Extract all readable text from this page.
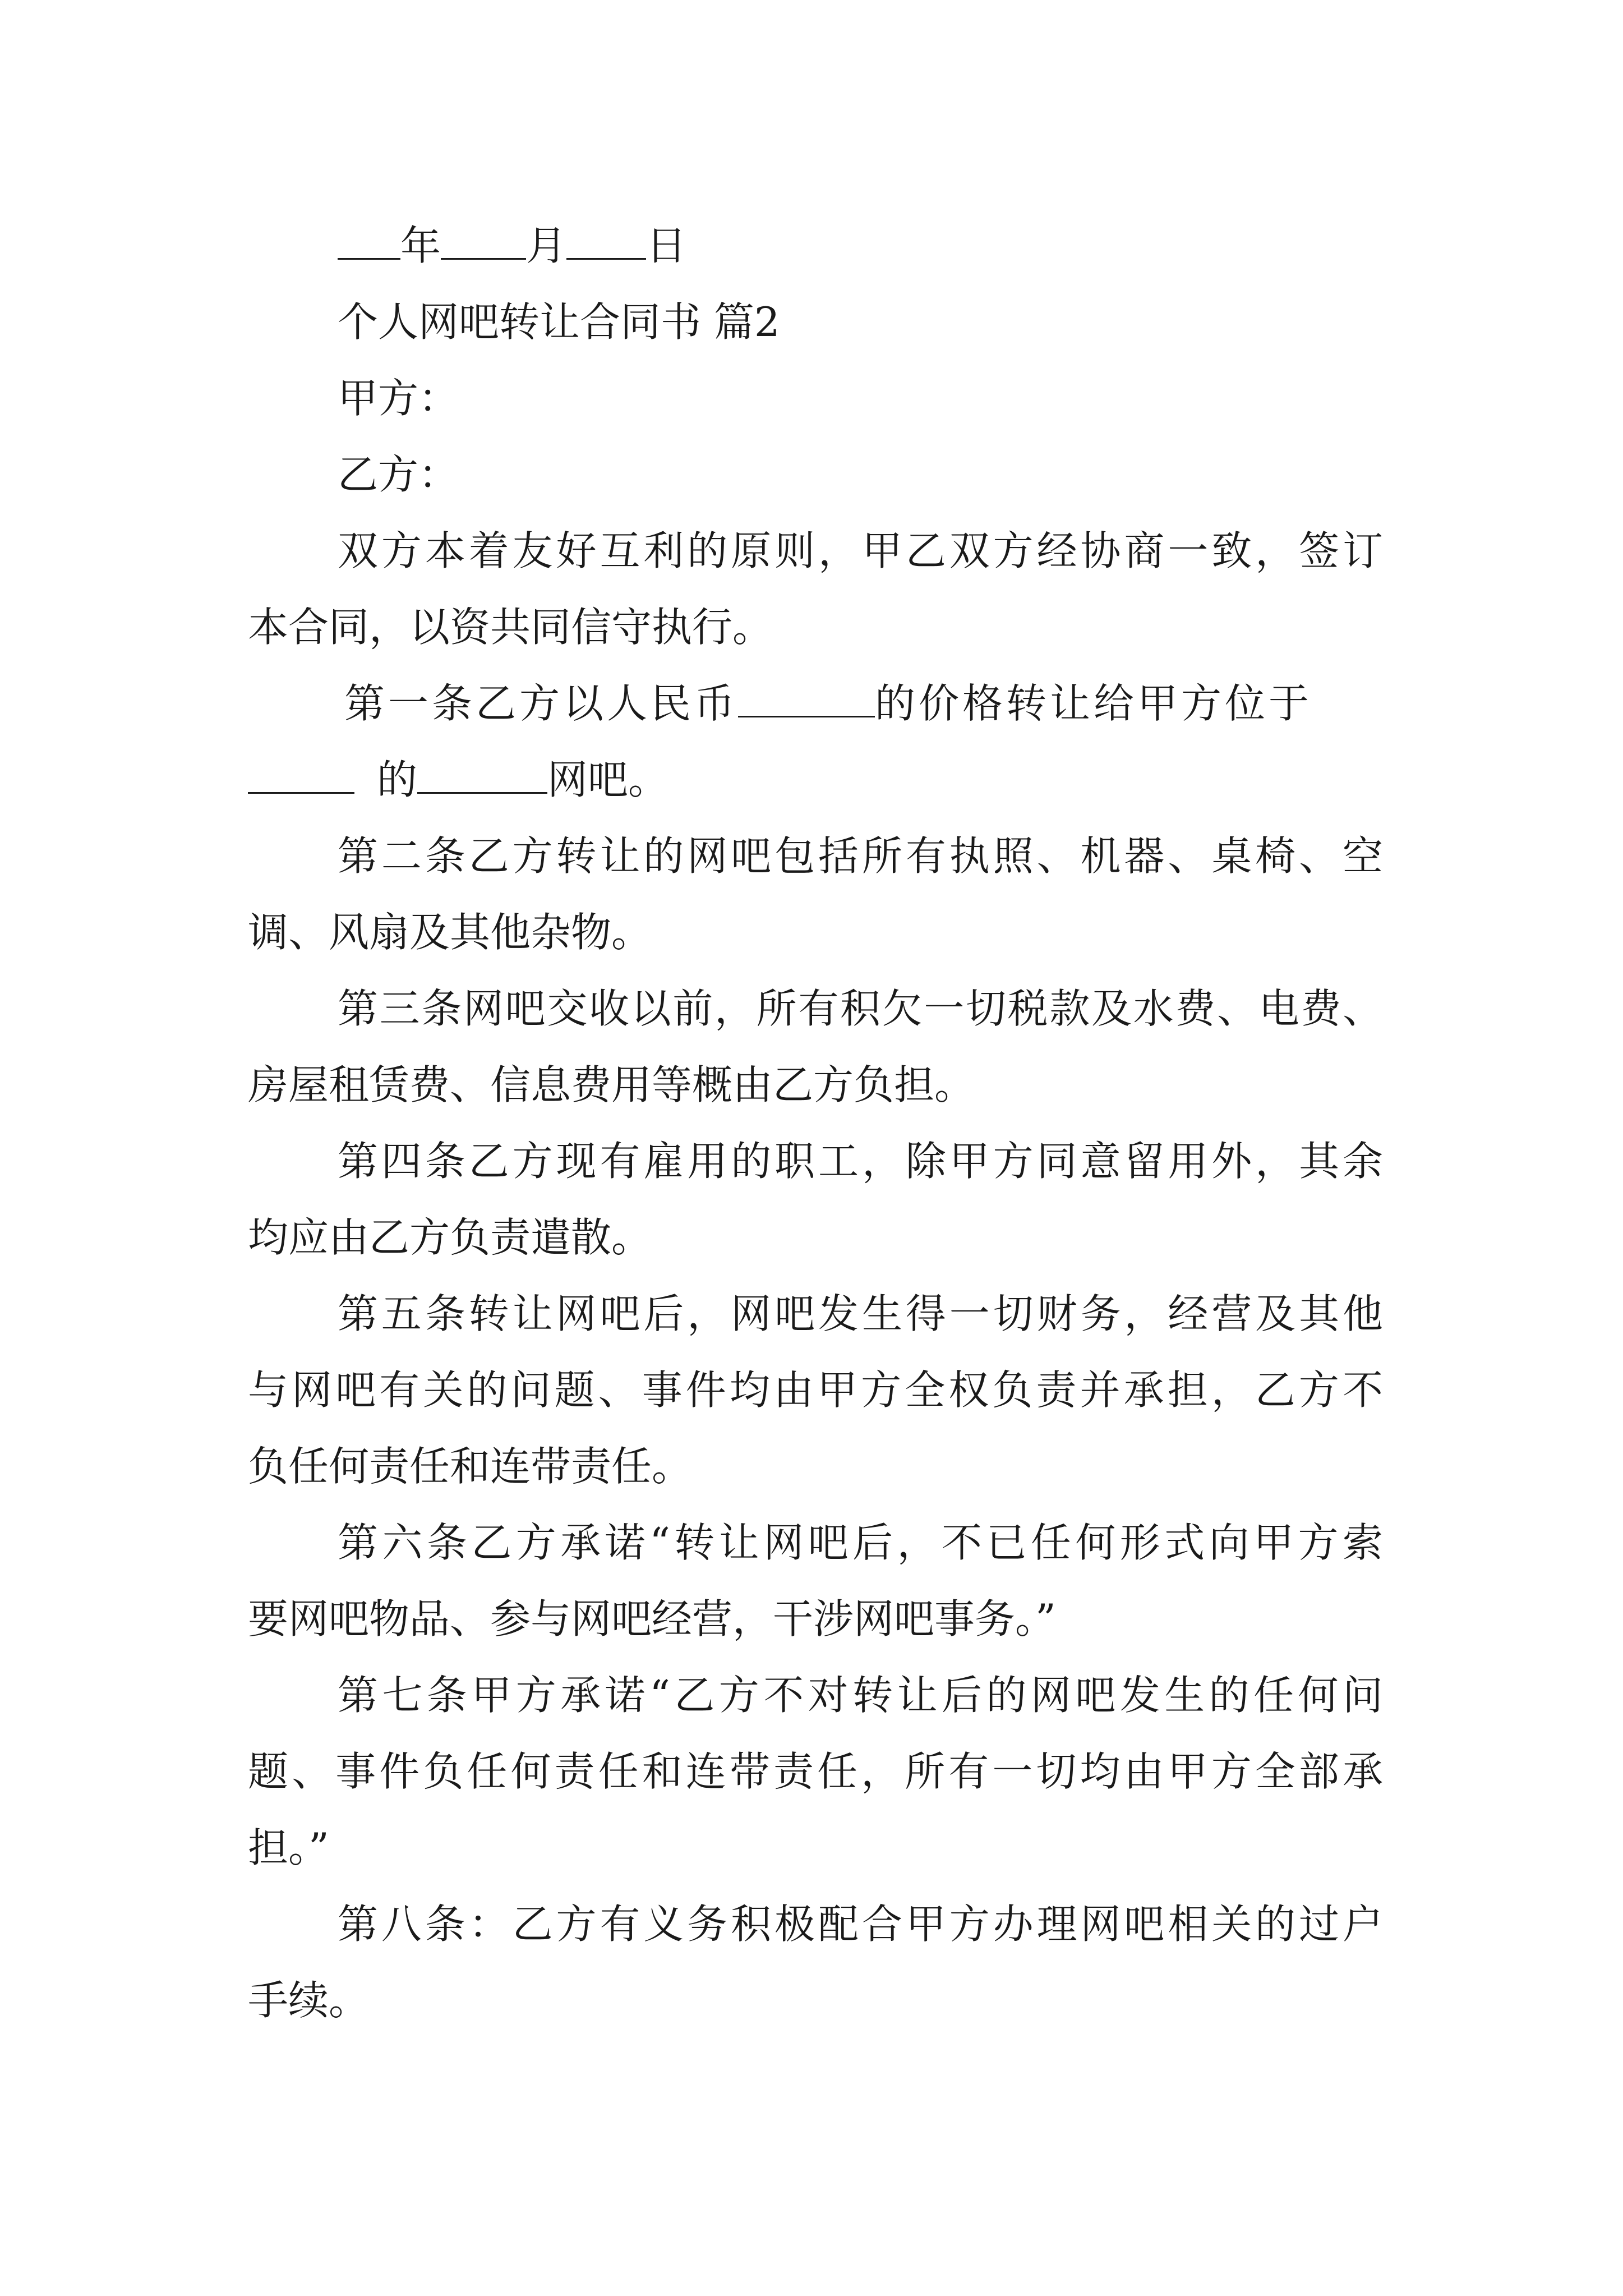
年 月 日
个人网吧转让合同书 篇2
甲方：
乙方：
双方本着友好互利的原则，甲乙双方经协商一致，签订
本合同，以资共同信守执行。
第一条乙方以人民币	的价格转让给甲方位于
的	网吧。
第二条乙方转让的网吧包括所有执照、机器、桌椅、空
调、风扇及其他杂物。
第三条网吧交收以前，所有积欠一切税款及水费、电费、
房屋租赁费、信息费用等概由乙方负担。
第四条乙方现有雇用的职工，除甲方同意留用外，其余
均应由乙方负责遣散。
第五条转让网吧后，网吧发生得一切财务，经营及其他
与网吧有关的问题、事件均由甲方全权负责并承担，乙方不
负任何责任和连带责任。
第六条乙方承诺“转让网吧后，不已任何形式向甲方索
要网吧物品、参与网吧经营，干涉网吧事务。”
第七条甲方承诺“乙方不对转让后的网吧发生的任何问
题、事件负任何责任和连带责任，所有一切均由甲方全部承
担。”
第八条：乙方有义务积极配合甲方办理网吧相关的过户
手续。
